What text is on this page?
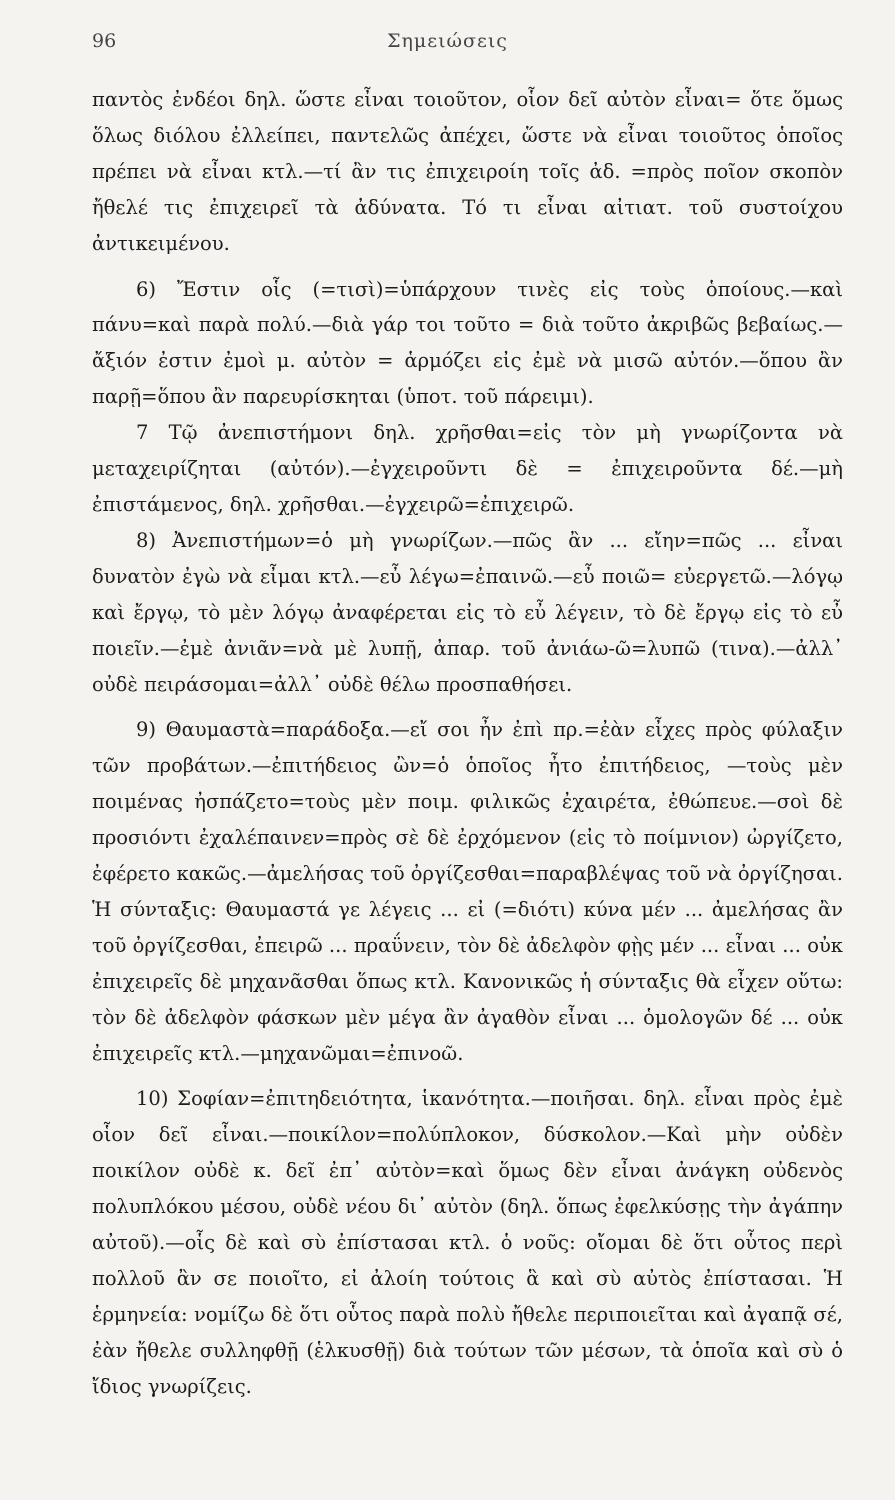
96	Σημειώσεις

παντὸς ἐνδέοι δηλ. ὥστε εἶναι τοιοῦτον, οἷον δεῖ αὐτὸν εἶναι= ὅτε ὅμως ὅλως διόλου ἐλλείπει, παντελῶς ἀπέχει, ὥστε νὰ εἶναι τοιοῦτος ὁποῖος πρέπει νὰ εἶναι κτλ.—τί ἂν τις ἐπιχειροίη τοῖς ἀδ. =πρὸς ποῖον σκοπὸν ἤθελέ τις ἐπιχειρεῖ τὰ ἀδύνατα. Τό τι εἶναι αἰτιατ. τοῦ συστοίχου ἀντικειμένου.

6) Ἔστιν οἷς (=τισὶ)=ὑπάρχουν τινὲς εἰς τοὺς ὁποίους.—καὶ πάνυ=καὶ παρὰ πολύ.—διὰ γάρ τοι τοῦτο = διὰ τοῦτο ἀκριβῶς βεβαίως.—ἄξιόν ἐστιν ἐμοὶ μ. αὐτὸν = ἁρμόζει εἰς ἐμὲ νὰ μισῶ αὐτόν.—ὅπου ἂν παρῇ=ὅπου ἂν παρευρίσκηται (ὑποτ. τοῦ πάρειμι).

7 Τῷ ἀνεπιστήμονι δηλ. χρῆσθαι=εἰς τὸν μὴ γνωρίζοντα νὰ μεταχειρίζηται (αὐτόν).—ἐγχειροῦντι δὲ = ἐπιχειροῦντα δέ.—μὴ ἐπιστάμενος, δηλ. χρῆσθαι.—ἐγχειρῶ=ἐπιχειρῶ.

8) Ἀνεπιστήμων=ὁ μὴ γνωρίζων.—πῶς ἂν ... εἴην=πῶς ... εἶναι δυνατὸν ἐγὼ νὰ εἶμαι κτλ.—εὖ λέγω=ἐπαινῶ.—εὖ ποιῶ= εὐεργετῶ.—λόγῳ καὶ ἔργῳ, τὸ μὲν λόγῳ ἀναφέρεται εἰς τὸ εὖ λέγειν, τὸ δὲ ἔργῳ εἰς τὸ εὖ ποιεῖν.—ἐμὲ ἀνιᾶν=νὰ μὲ λυπῇ, ἀπαρ. τοῦ ἀνιάω-ῶ=λυπῶ (τινα).—ἀλλ᾽ οὐδὲ πειράσομαι=ἀλλ᾽ οὐδὲ θέλω προσπαθήσει.

9) Θαυμαστὰ=παράδοξα.—εἴ σοι ἦν ἐπὶ πρ.=ἐὰν εἶχες πρὸς φύλαξιν τῶν προβάτων.—ἐπιτήδειος ὢν=ὁ ὁποῖος ἦτο ἐπιτήδειος, —τοὺς μὲν ποιμένας ἠσπάζετο=τοὺς μὲν ποιμ. φιλικῶς ἐχαιρέτα, ἐθώπευε.—σοὶ δὲ προσιόντι ἐχαλέπαινεν=πρὸς σὲ δὲ ἐρχόμενον (εἰς τὸ ποίμνιον) ὠργίζετο, ἐφέρετο κακῶς.—ἀμελήσας τοῦ ὀργίζεσθαι=παραβλέψας τοῦ νὰ ὀργίζησαι. Ἡ σύνταξις: Θαυμαστά γε λέγεις ... εἰ (=διότι) κύνα μέν ... ἀμελήσας ἂν τοῦ ὀργίζεσθαι, ἐπειρῶ ... πραΰνειν, τὸν δὲ ἀδελφὸν φῂς μέν ... εἶναι ... οὐκ ἐπιχειρεῖς δὲ μηχανᾶσθαι ὅπως κτλ. Κανονικῶς ἡ σύνταξις θὰ εἶχεν οὕτω: τὸν δὲ ἀδελφὸν φάσκων μὲν μέγα ἂν ἀγαθὸν εἶναι ... ὁμολογῶν δέ ... οὐκ ἐπιχειρεῖς κτλ.—μηχανῶμαι=ἐπινοῶ.

10) Σοφίαν=ἐπιτηδειότητα, ἱκανότητα.—ποιῆσαι. δηλ. εἶναι πρὸς ἐμὲ οἷον δεῖ εἶναι.—ποικίλον=πολύπλοκον, δύσκολον.—Καὶ μὴν οὐδὲν ποικίλον οὐδὲ κ. δεῖ ἐπ᾽ αὐτὸν=καὶ ὅμως δὲν εἶναι ἀνάγκη οὐδενὸς πολυπλόκου μέσου, οὐδὲ νέου δι᾽ αὐτὸν (δηλ. ὅπως ἐφελκύσῃς τὴν ἀγάπην αὐτοῦ).—οἷς δὲ καὶ σὺ ἐπίστασαι κτλ. ὁ νοῦς: οἴομαι δὲ ὅτι οὗτος περὶ πολλοῦ ἂν σε ποιοῖτο, εἰ ἀλοίη τούτοις ἃ καὶ σὺ αὐτὸς ἐπίστασαι. Ἡ ἑρμηνεία: νομίζω δὲ ὅτι οὗτος παρὰ πολὺ ἤθελε περιποιεῖται καὶ ἀγαπᾷ σέ, ἐὰν ἤθελε συλληφθῇ (ἑλκυσθῇ) διὰ τούτων τῶν μέσων, τὰ ὁποῖα καὶ σὺ ὁ ἴδιος γνωρίζεις.
